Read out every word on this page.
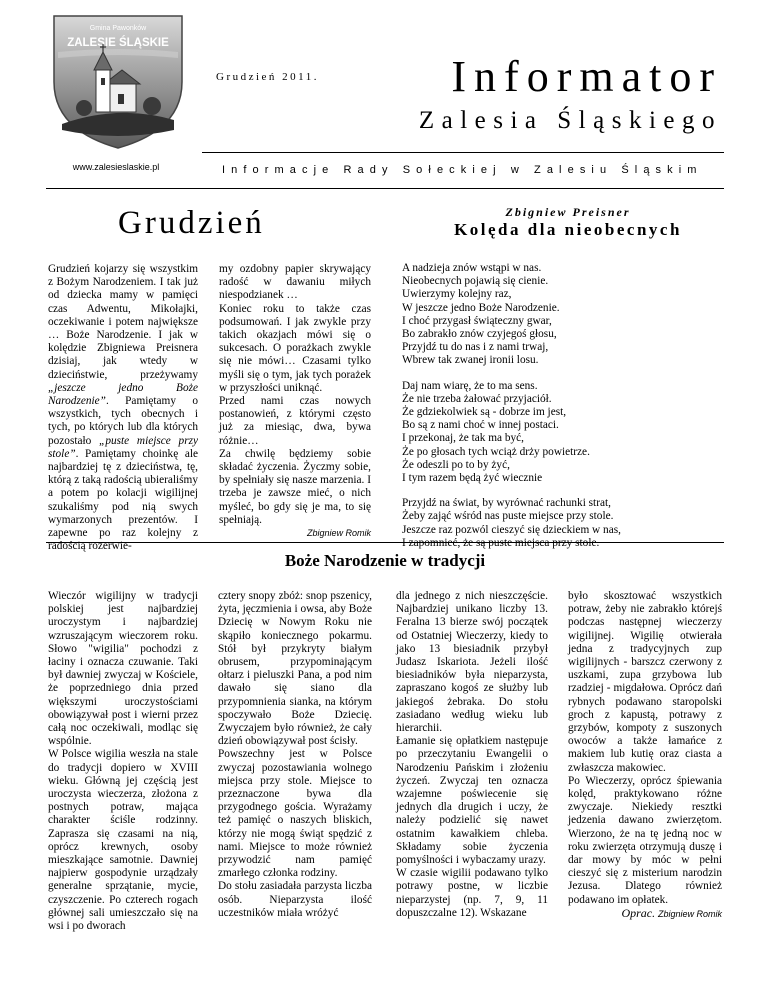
Gmina Pawonków
ZALESIE ŚLĄSKIE
www.zalesieslaskie.pl
Grudzień 2011.	Informator
Zalesia Śląskiego
Informacje Rady Sołeckiej w Zalesiu Śląskim
Grudzień

Grudzień kojarzy się wszystkim z Bożym Narodzeniem. I tak już od dziecka mamy w pamięci czas Adwentu, Mikołajki, oczekiwanie i potem największe … Boże Narodzenie. I jak w kolędzie Zbigniewa Preisnera dzisiaj, jak wtedy w dzieciństwie, przeżywamy „jeszcze jedno Boże Narodzenie”. Pamiętamy o wszystkich, tych obecnych i tych, po których lub dla których pozostało „puste miejsce przy stole”. Pamiętamy choinkę ale najbardziej tę z dzieciństwa, tę, którą z taką radością ubieraliśmy a potem po kolacji wigilijnej szukaliśmy pod nią swych wymarzonych prezentów. I zapewne po raz kolejny z radością rozerwie-

my ozdobny papier skrywający radość w dawaniu miłych niespodzianek …

Koniec roku to także czas podsumowań. I jak zwykle przy takich okazjach mówi się o sukcesach. O porażkach zwykle się nie mówi… Czasami tylko myśli się o tym, jak tych porażek w przyszłości uniknąć.

Przed nami czas nowych postanowień, z którymi często już za miesiąc, dwa, bywa różnie…

Za chwilę będziemy sobie składać życzenia. Życzmy sobie, by spełniały się nasze marzenia. I trzeba je zawsze mieć, o nich myśleć, bo gdy się je ma, to się spełniają.

Zbigniew Romik
Zbigniew Preisner
Kolęda dla nieobecnych
A nadzieja znów wstąpi w nas.
Nieobecnych pojawią się cienie.
Uwierzymy kolejny raz,
W jeszcze jedno Boże Narodzenie.
I choć przygasł świąteczny gwar,
Bo zabrakło znów czyjegoś głosu,
Przyjdź tu do nas i z nami trwaj,
Wbrew tak zwanej ironii losu.
Daj nam wiarę, że to ma sens.
Że nie trzeba żałować przyjaciół.
Że gdziekolwiek są - dobrze im jest,
Bo są z nami choć w innej postaci.
I przekonaj, że tak ma być,
Że po głosach tych wciąż drży powietrze.
Że odeszli po to by żyć,
I tym razem będą żyć wiecznie
Przyjdź na świat, by wyrównać rachunki strat,
Żeby zająć wśród nas puste miejsce przy stole.
Jeszcze raz pozwól cieszyć się dzieckiem w nas,
I zapomnieć, że są puste miejsca przy stole.
Boże Narodzenie w tradycji

Wieczór wigilijny w tradycji polskiej jest najbardziej uroczystym i najbardziej wzruszającym wieczorem roku. Słowo "wigilia" pochodzi z łaciny i oznacza czuwanie. Taki był dawniej zwyczaj w Kościele, że poprzedniego dnia przed większymi uroczystościami obowiązywał post i wierni przez całą noc oczekiwali, modląc się wspólnie.

W Polsce wigilia weszła na stale do tradycji dopiero w XVIII wieku. Główną jej częścią jest uroczysta wieczerza, złożona z postnych potraw, mająca charakter ściśle rodzinny. Zaprasza się czasami na nią, oprócz krewnych, osoby mieszkające samotnie. Dawniej najpierw gospodynie urządzały generalne sprzątanie, mycie, czyszczenie. Po czterech rogach głównej sali umieszczało się na wsi i po dworach

cztery snopy zbóż: snop pszenicy, żyta, jęczmienia i owsa, aby Boże Dziecię w Nowym Roku nie skąpiło koniecznego pokarmu. Stół był przykryty białym obrusem, przypominającym ołtarz i pieluszki Pana, a pod nim dawało się siano dla przypomnienia sianka, na którym spoczywało Boże Dziecię. Zwyczajem było również, że cały dzień obowiązywał post ścisły.

Powszechny jest w Polsce zwyczaj pozostawiania wolnego miejsca przy stole. Miejsce to przeznaczone bywa dla przygodnego gościa. Wyrażamy też pamięć o naszych bliskich, którzy nie mogą świąt spędzić z nami. Miejsce to może również przywodzić nam pamięć zmarłego członka rodziny.

Do stołu zasiadała parzysta liczba osób. Nieparzysta ilość uczestników miała wróżyć

dla jednego z nich nieszczęście. Najbardziej unikano liczby 13. Feralna 13 bierze swój początek od Ostatniej Wieczerzy, kiedy to jako 13 biesiadnik przybył Judasz Iskariota. Jeżeli ilość biesiadników była nieparzysta, zapraszano kogoś ze służby lub jakiegoś żebraka. Do stołu zasiadano według wieku lub hierarchii.

Łamanie się opłatkiem następuje po przeczytaniu Ewangelii o Narodzeniu Pańskim i złożeniu życzeń. Zwyczaj ten oznacza wzajemne poświecenie się jednych dla drugich i uczy, że należy podzielić się nawet ostatnim kawałkiem chleba. Składamy sobie życzenia pomyślności i wybaczamy urazy.

W czasie wigilii podawano tylko potrawy postne, w liczbie nieparzystej (np. 7, 9, 11 dopuszczalne 12). Wskazane

było skosztować wszystkich potraw, żeby nie zabrakło którejś podczas następnej wieczerzy wigilijnej. Wigilię otwierała jedna z tradycyjnych zup wigilijnych - barszcz czerwony z uszkami, zupa grzybowa lub rzadziej - migdałowa. Oprócz dań rybnych podawano staropolski groch z kapustą, potrawy z grzybów, kompoty z suszonych owoców a także łamańce z makiem lub kutię oraz ciasta a zwłaszcza makowiec.

Po Wieczerzy, oprócz śpiewania kolęd, praktykowano różne zwyczaje. Niekiedy resztki jedzenia dawano zwierzętom. Wierzono, że na tę jedną noc w roku zwierzęta otrzymują duszę i dar mowy by móc w pełni cieszyć się z misterium narodzin Jezusa. Dlatego również podawano im opłatek.

Oprac. Zbigniew Romik
